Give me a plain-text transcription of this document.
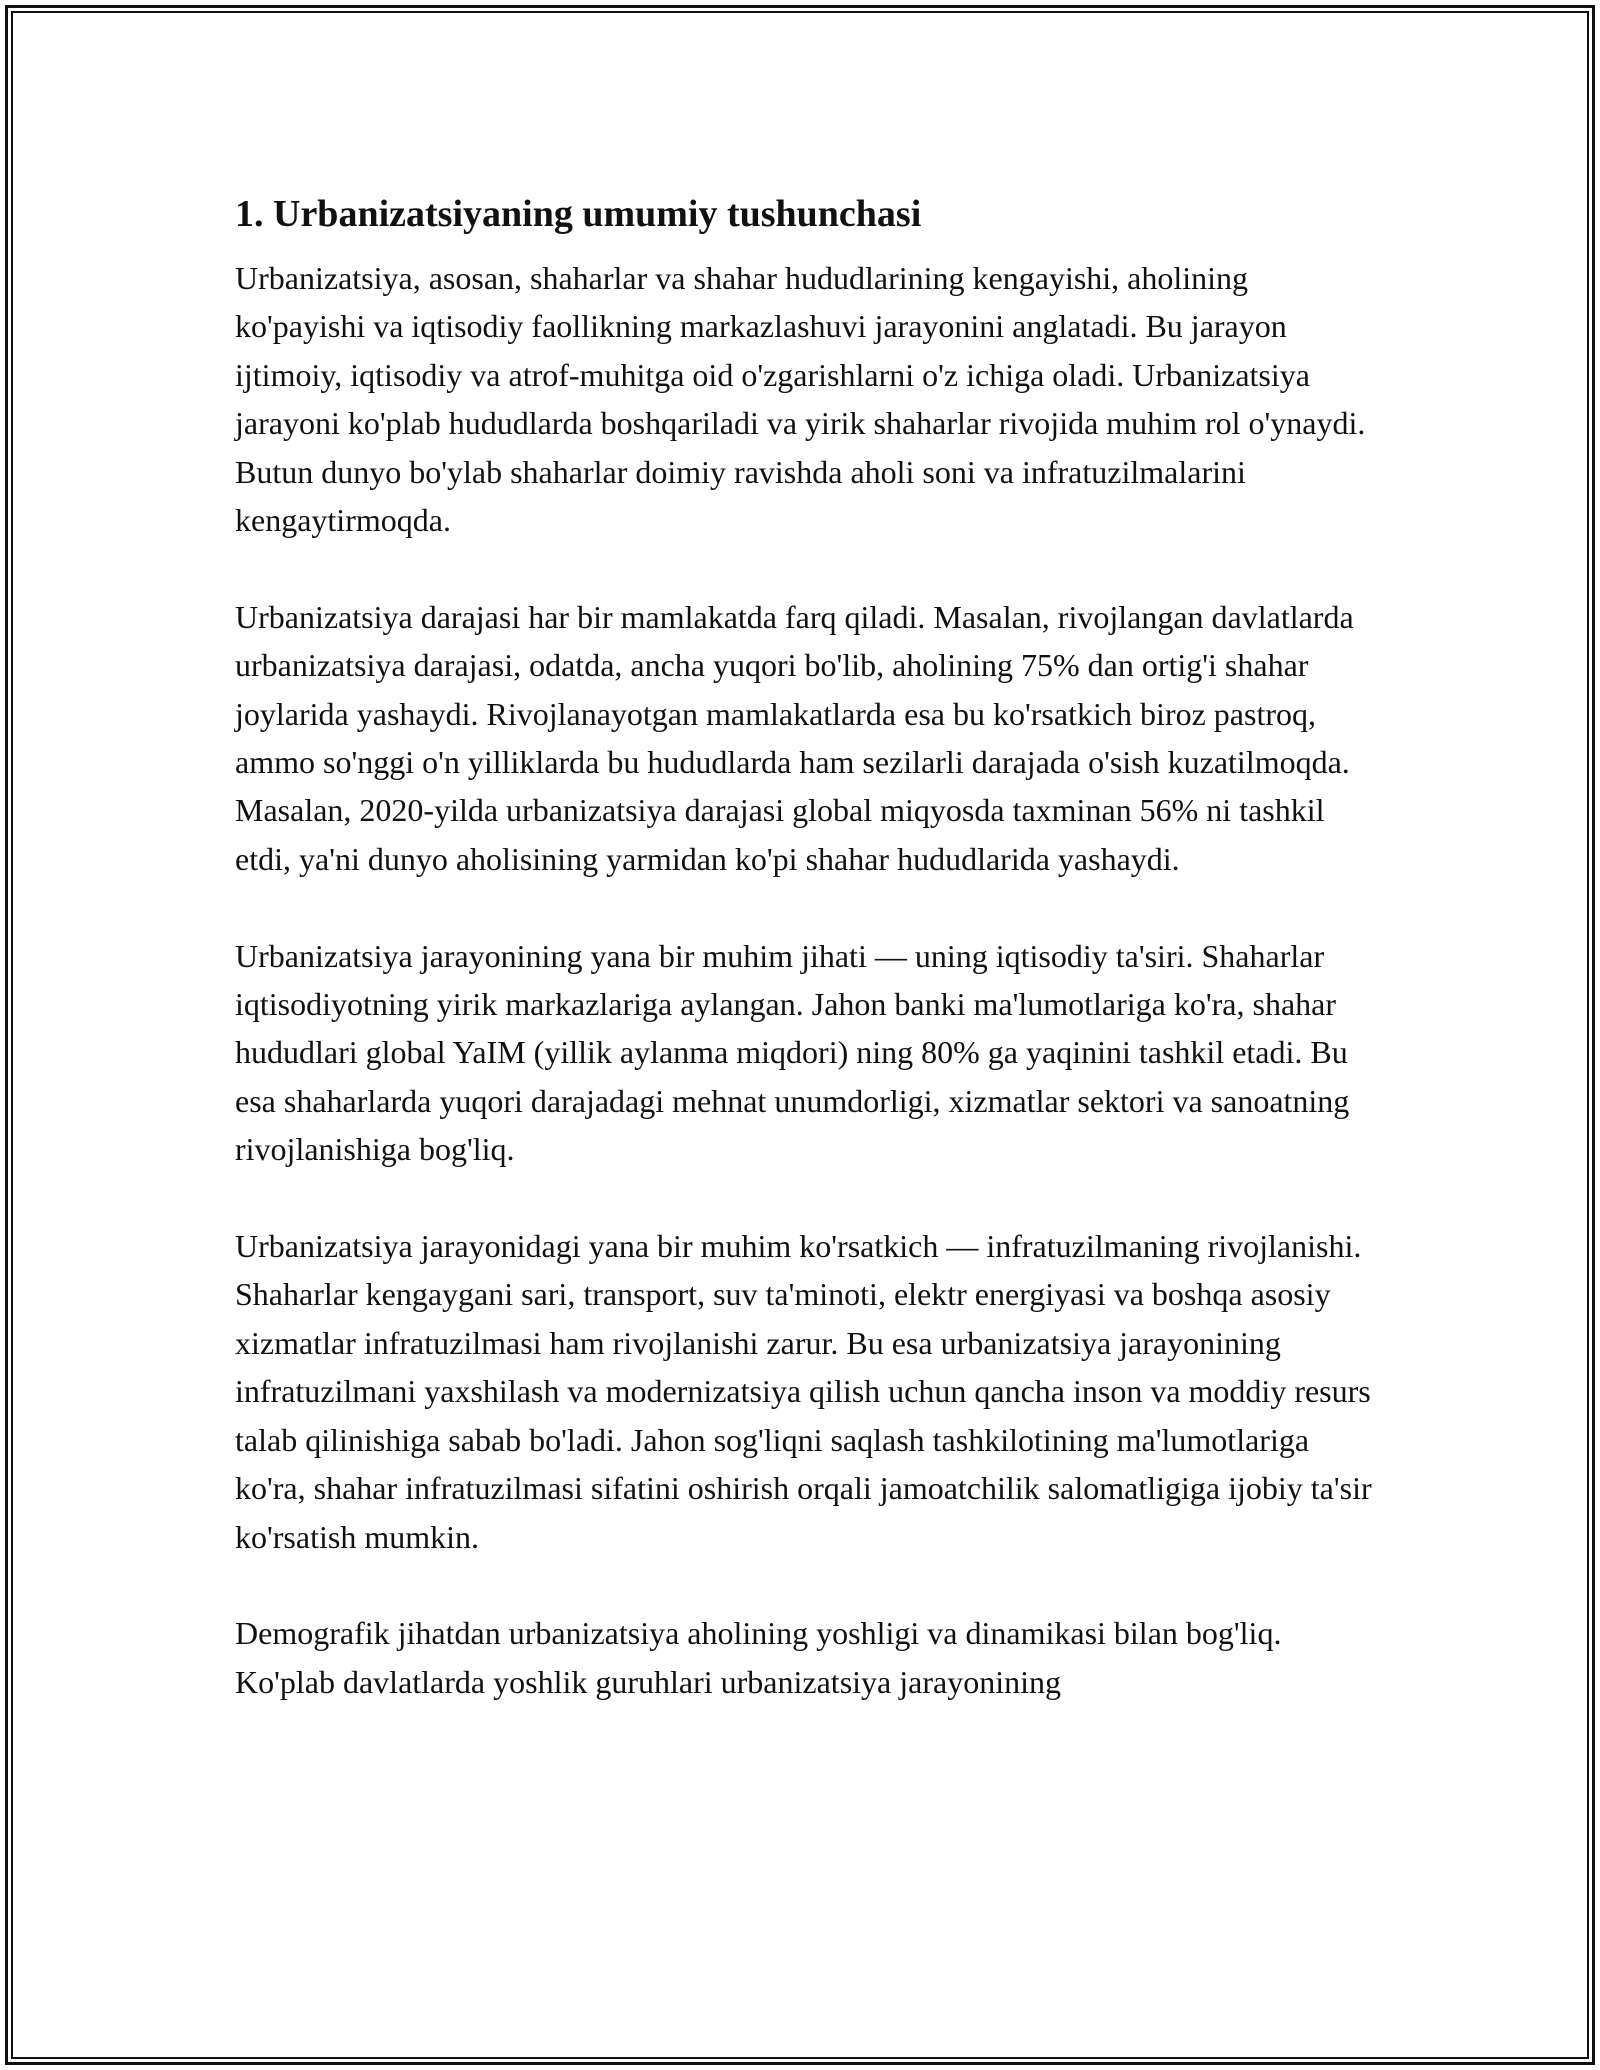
1. Urbanizatsiyaning umumiy tushunchasi

Urbanizatsiya, asosan, shaharlar va shahar hududlarining kengayishi, aholining ko'payishi va iqtisodiy faollikning markazlashuvi jarayonini anglatadi. Bu jarayon ijtimoiy, iqtisodiy va atrof-muhitga oid o'zgarishlarni o'z ichiga oladi. Urbanizatsiya jarayoni ko'plab hududlarda boshqariladi va yirik shaharlar rivojida muhim rol o'ynaydi. Butun dunyo bo'ylab shaharlar doimiy ravishda aholi soni va infratuzilmalarini kengaytirmoqda.

Urbanizatsiya darajasi har bir mamlakatda farq qiladi. Masalan, rivojlangan davlatlarda urbanizatsiya darajasi, odatda, ancha yuqori bo'lib, aholining 75% dan ortig'i shahar joylarida yashaydi. Rivojlanayotgan mamlakatlarda esa bu ko'rsatkich biroz pastroq, ammo so'nggi o'n yilliklarda bu hududlarda ham sezilarli darajada o'sish kuzatilmoqda. Masalan, 2020-yilda urbanizatsiya darajasi global miqyosda taxminan 56% ni tashkil etdi, ya'ni dunyo aholisining yarmidan ko'pi shahar hududlarida yashaydi.

Urbanizatsiya jarayonining yana bir muhim jihati — uning iqtisodiy ta'siri. Shaharlar iqtisodiyotning yirik markazlariga aylangan. Jahon banki ma'lumotlariga ko'ra, shahar hududlari global YaIM (yillik aylanma miqdori) ning 80% ga yaqinini tashkil etadi. Bu esa shaharlarda yuqori darajadagi mehnat unumdorligi, xizmatlar sektori va sanoatning rivojlanishiga bog'liq.

Urbanizatsiya jarayonidagi yana bir muhim ko'rsatkich — infratuzilmaning rivojlanishi. Shaharlar kengaygani sari, transport, suv ta'minoti, elektr energiyasi va boshqa asosiy xizmatlar infratuzilmasi ham rivojlanishi zarur. Bu esa urbanizatsiya jarayonining infratuzilmani yaxshilash va modernizatsiya qilish uchun qancha inson va moddiy resurs talab qilinishiga sabab bo'ladi. Jahon sog'liqni saqlash tashkilotining ma'lumotlariga ko'ra, shahar infratuzilmasi sifatini oshirish orqali jamoatchilik salomatligiga ijobiy ta'sir ko'rsatish mumkin.

Demografik jihatdan urbanizatsiya aholining yoshligi va dinamikasi bilan bog'liq. Ko'plab davlatlarda yoshlik guruhlari urbanizatsiya jarayonining
